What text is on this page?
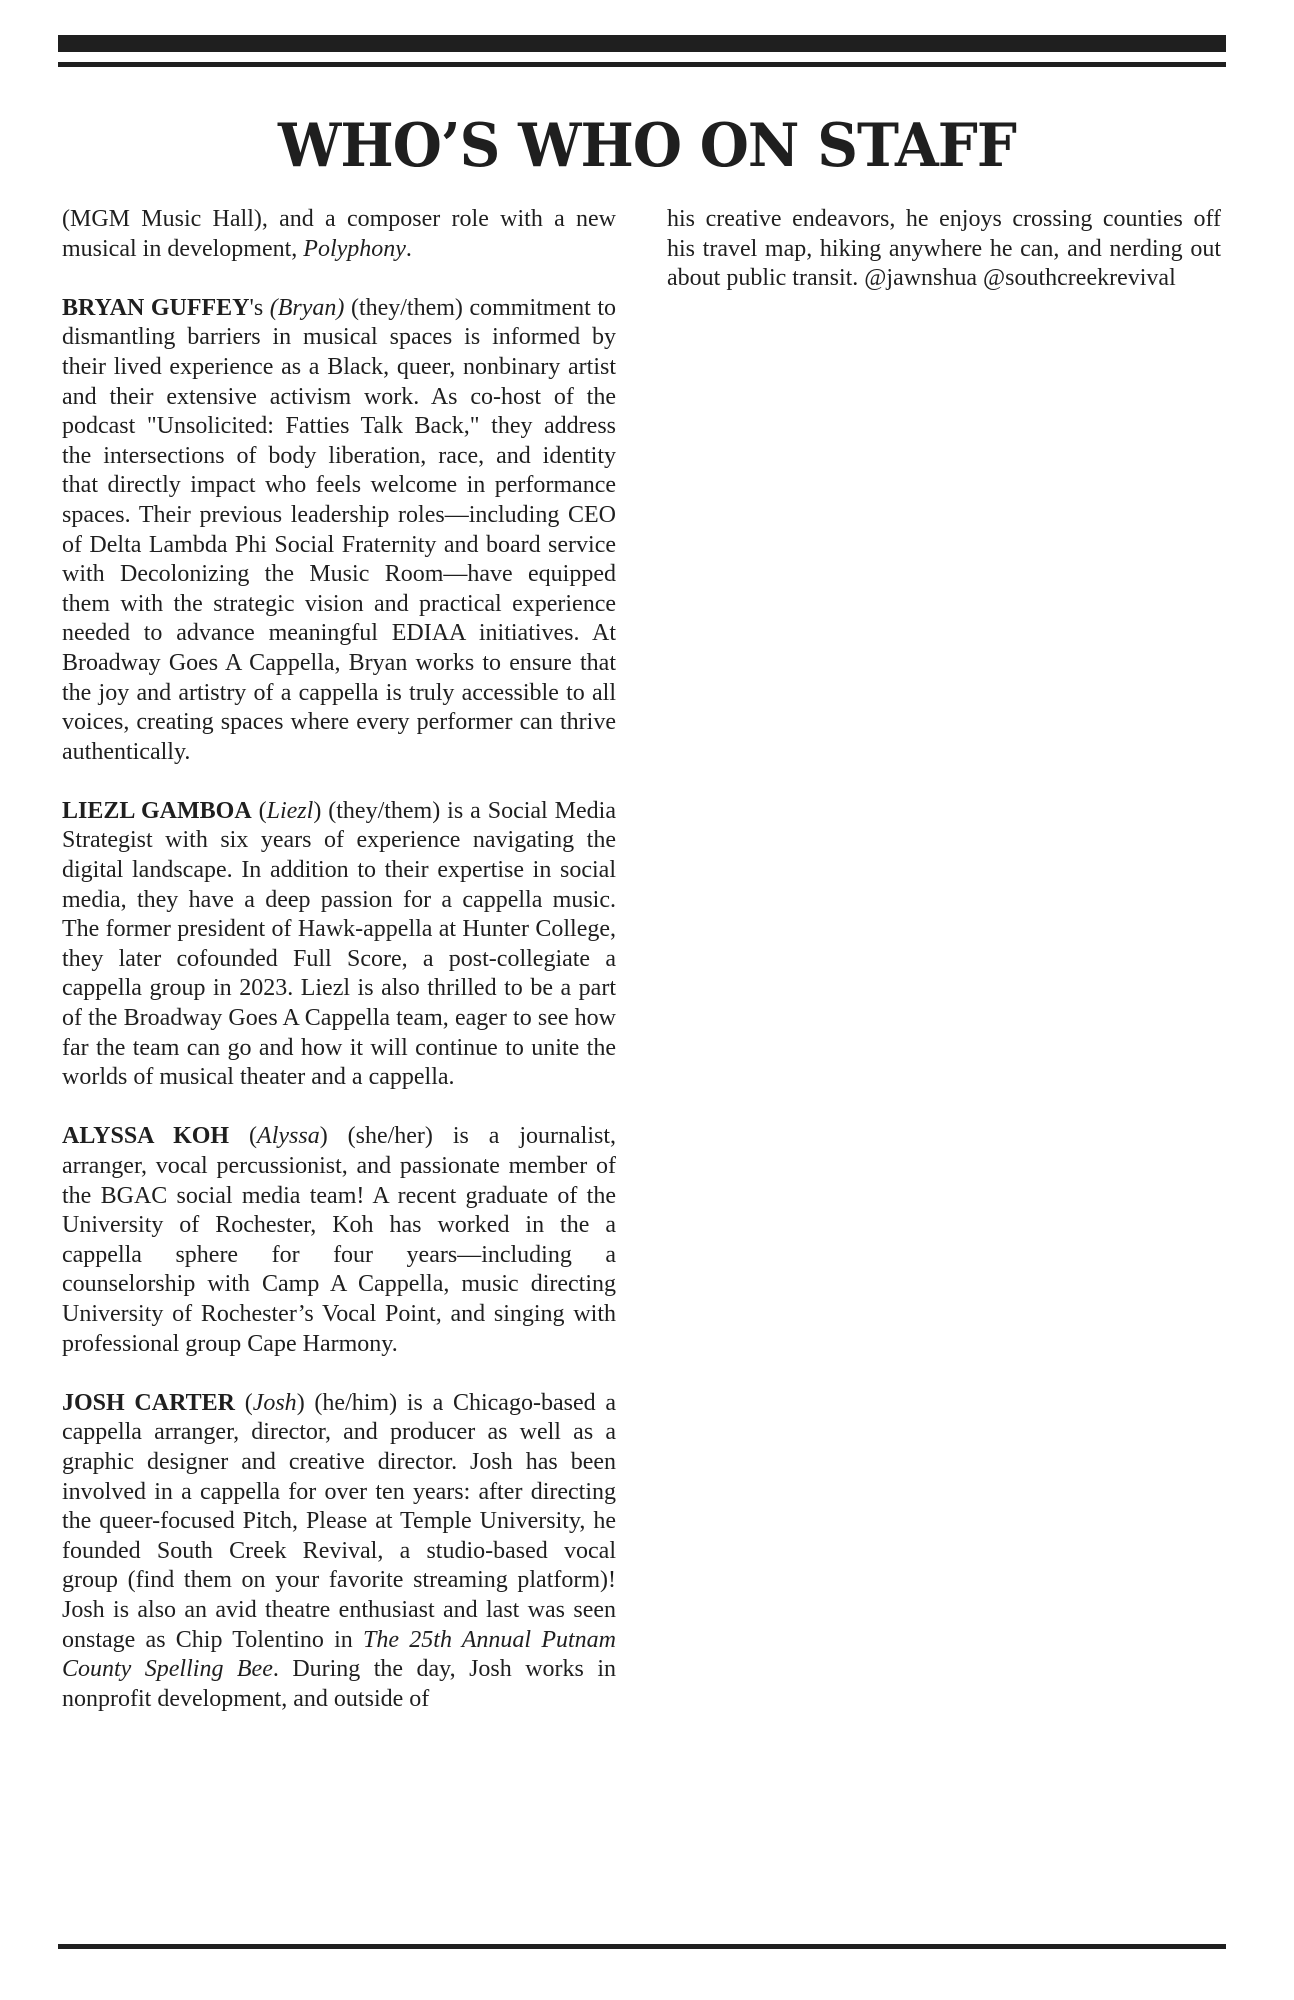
WHO’S WHO ON STAFF

(MGM Music Hall), and a composer role with a new musical in development, Polyphony.

BRYAN GUFFEY's (Bryan) (they/them) commitment to dismantling barriers in musical spaces is informed by their lived experience as a Black, queer, nonbinary artist and their extensive activism work. As co-host of the podcast "Unsolicited: Fatties Talk Back," they address the intersections of body liberation, race, and identity that directly impact who feels welcome in performance spaces. Their previous leadership roles—including CEO of Delta Lambda Phi Social Fraternity and board service with Decolonizing the Music Room—have equipped them with the strategic vision and practical experience needed to advance meaningful EDIAA initiatives. At Broadway Goes A Cappella, Bryan works to ensure that the joy and artistry of a cappella is truly accessible to all voices, creating spaces where every performer can thrive authentically.

LIEZL GAMBOA (Liezl) (they/them) is a Social Media Strategist with six years of experience navigating the digital landscape. In addition to their expertise in social media, they have a deep passion for a cappella music. The former president of Hawk-appella at Hunter College, they later cofounded Full Score, a post-collegiate a cappella group in 2023. Liezl is also thrilled to be a part of the Broadway Goes A Cappella team, eager to see how far the team can go and how it will continue to unite the worlds of musical theater and a cappella.

ALYSSA KOH (Alyssa) (she/her) is a journalist, arranger, vocal percussionist, and passionate member of the BGAC social media team! A recent graduate of the University of Rochester, Koh has worked in the a cappella sphere for four years—including a counselorship with Camp A Cappella, music directing University of Rochester’s Vocal Point, and singing with professional group Cape Harmony.

JOSH CARTER (Josh) (he/him) is a Chicago-based a cappella arranger, director, and producer as well as a graphic designer and creative director. Josh has been involved in a cappella for over ten years: after directing the queer-focused Pitch, Please at Temple University, he founded South Creek Revival, a studio-based vocal group (find them on your favorite streaming platform)! Josh is also an avid theatre enthusiast and last was seen onstage as Chip Tolentino in The 25th Annual Putnam County Spelling Bee. During the day, Josh works in nonprofit development, and outside of

his creative endeavors, he enjoys crossing counties off his travel map, hiking anywhere he can, and nerding out about public transit. @jawnshua @southcreekrevival
